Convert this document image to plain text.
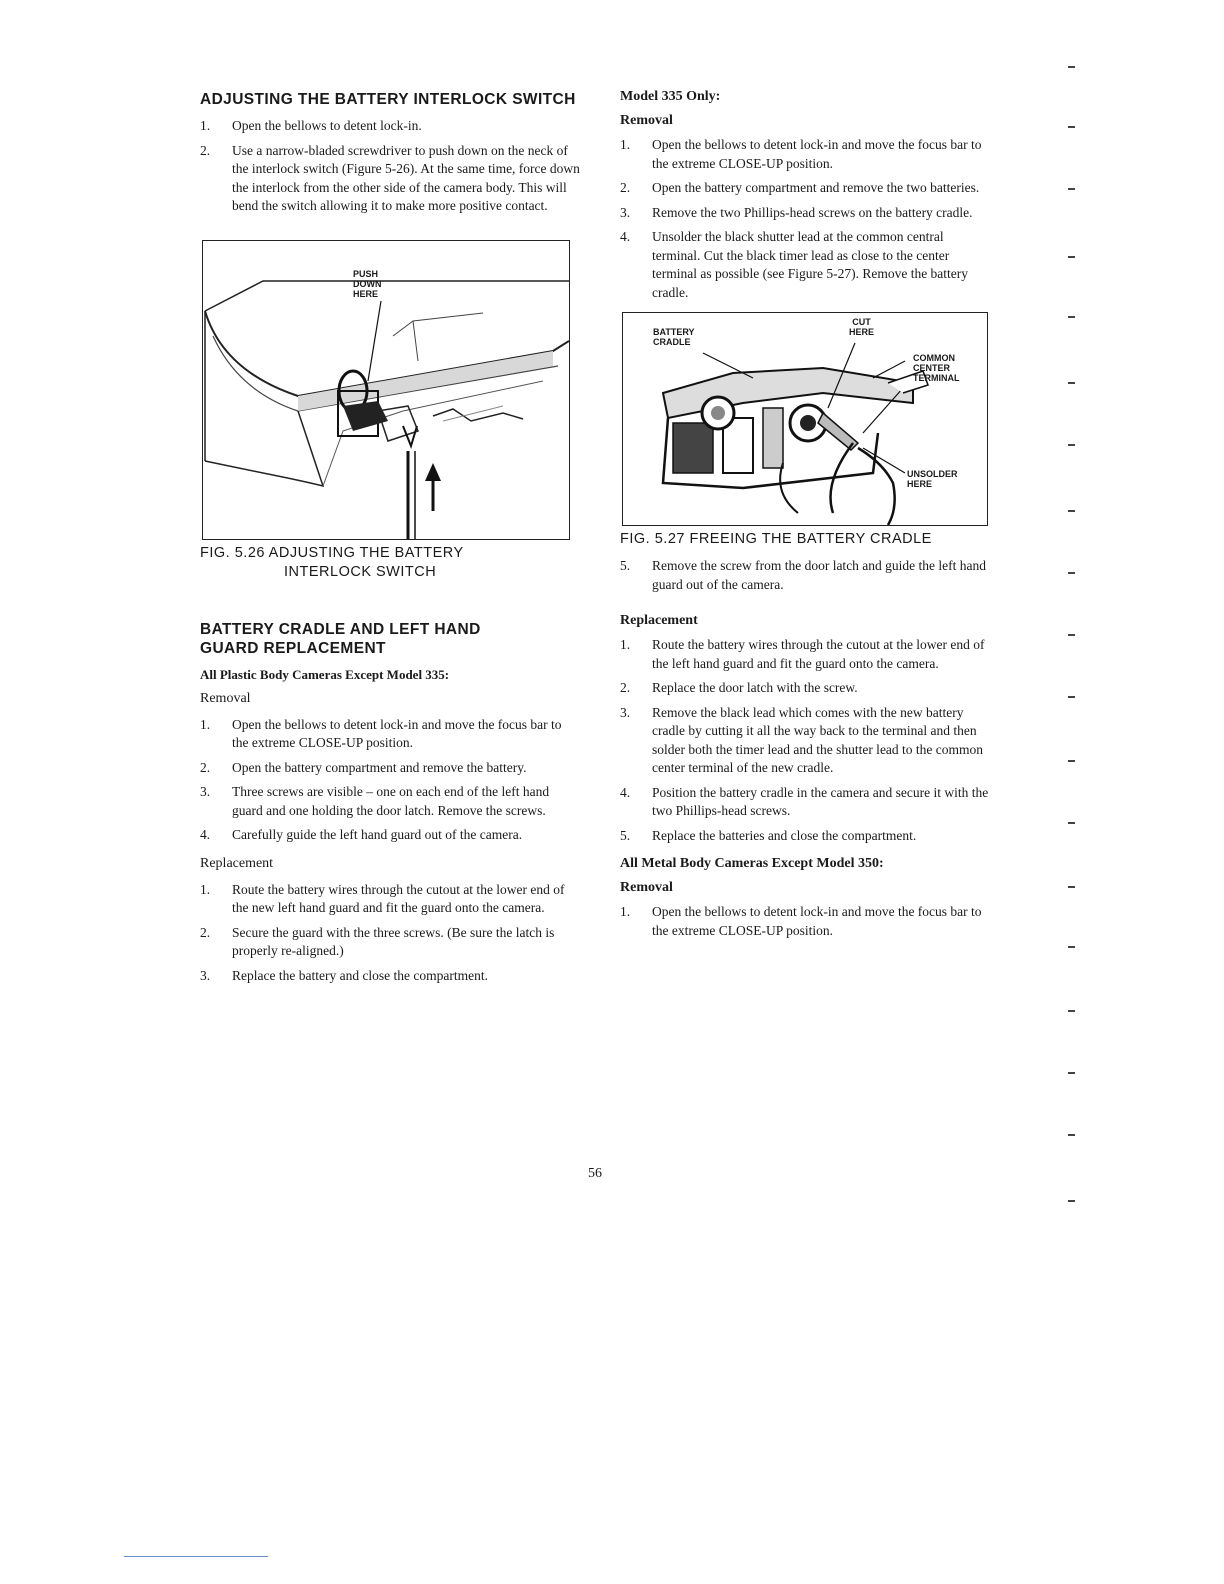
ADJUSTING THE BATTERY INTERLOCK SWITCH
1.	Open the bellows to detent lock-in.
2.	Use a narrow-bladed screwdriver to push down on the neck of the interlock switch (Figure 5-26). At the same time, force down the interlock from the other side of the camera body. This will bend the switch allowing it to make more positive contact.
PUSH
DOWN
HERE
FIG. 5.26 ADJUSTING THE BATTERY
INTERLOCK SWITCH
BATTERY CRADLE AND LEFT HAND GUARD REPLACEMENT
All Plastic Body Cameras Except Model 335:
Removal
1.	Open the bellows to detent lock-in and move the focus bar to the extreme CLOSE-UP position.
2.	Open the battery compartment and remove the battery.
3.	Three screws are visible – one on each end of the left hand guard and one holding the door latch. Remove the screws.
4.	Carefully guide the left hand guard out of the camera.
Replacement
1.	Route the battery wires through the cutout at the lower end of the new left hand guard and fit the guard onto the camera.
2.	Secure the guard with the three screws. (Be sure the latch is properly re-aligned.)
3.	Replace the battery and close the compartment.
Model 335 Only:
Removal
1.	Open the bellows to detent lock-in and move the focus bar to the extreme CLOSE-UP position.
2.	Open the battery compartment and remove the two batteries.
3.	Remove the two Phillips-head screws on the battery cradle.
4.	Unsolder the black shutter lead at the common central terminal. Cut the black timer lead as close to the center terminal as possible (see Figure 5-27). Remove the battery cradle.
BATTERY
CRADLE
CUT
HERE
COMMON
CENTER
TERMINAL
UNSOLDER
HERE
FIG. 5.27 FREEING THE BATTERY CRADLE
5.	Remove the screw from the door latch and guide the left hand guard out of the camera.
Replacement
1.	Route the battery wires through the cutout at the lower end of the left hand guard and fit the guard onto the camera.
2.	Replace the door latch with the screw.
3.	Remove the black lead which comes with the new battery cradle by cutting it all the way back to the terminal and then solder both the timer lead and the shutter lead to the common center terminal of the new cradle.
4.	Position the battery cradle in the camera and secure it with the two Phillips-head screws.
5.	Replace the batteries and close the compartment.
All Metal Body Cameras Except Model 350:
Removal
1.	Open the bellows to detent lock-in and move the focus bar to the extreme CLOSE-UP position.
56
